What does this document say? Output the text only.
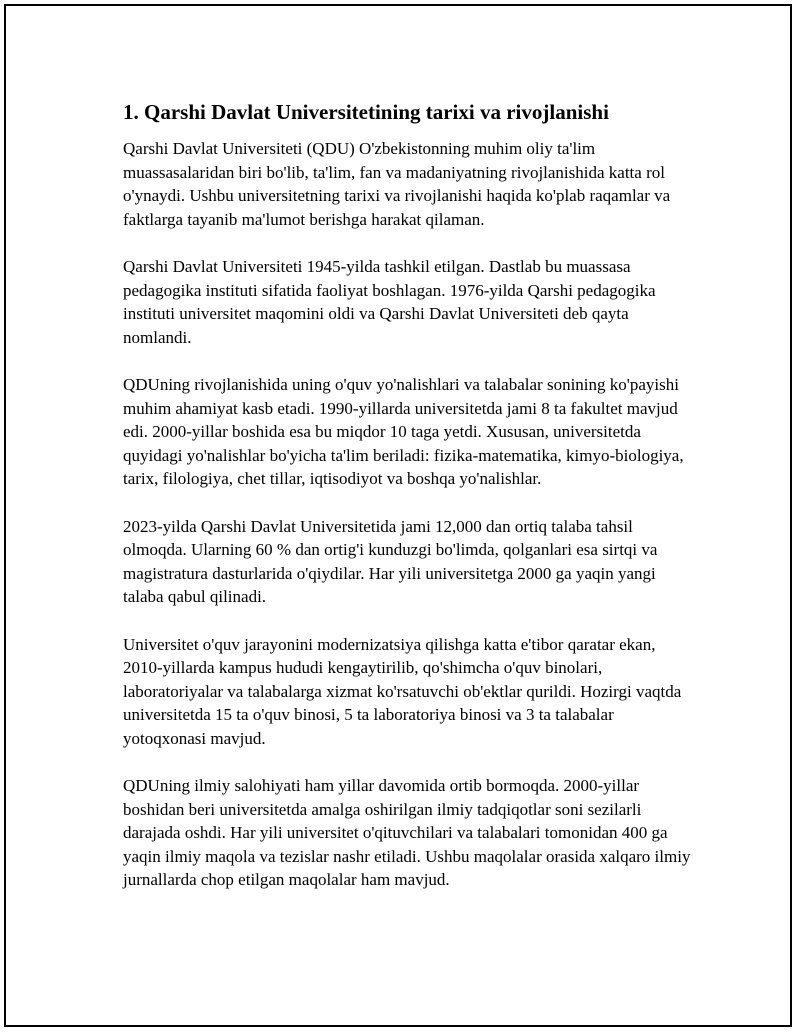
1. Qarshi Davlat Universitetining tarixi va rivojlanishi

Qarshi Davlat Universiteti (QDU) O'zbekistonning muhim oliy ta'lim muassasalaridan biri bo'lib, ta'lim, fan va madaniyatning rivojlanishida katta rol o'ynaydi. Ushbu universitetning tarixi va rivojlanishi haqida ko'plab raqamlar va faktlarga tayanib ma'lumot berishga harakat qilaman.

Qarshi Davlat Universiteti 1945-yilda tashkil etilgan. Dastlab bu muassasa pedagogika instituti sifatida faoliyat boshlagan. 1976-yilda Qarshi pedagogika instituti universitet maqomini oldi va Qarshi Davlat Universiteti deb qayta nomlandi.

QDUning rivojlanishida uning o'quv yo'nalishlari va talabalar sonining ko'payishi muhim ahamiyat kasb etadi. 1990-yillarda universitetda jami 8 ta fakultet mavjud edi. 2000-yillar boshida esa bu miqdor 10 taga yetdi. Xususan, universitetda quyidagi yo'nalishlar bo'yicha ta'lim beriladi: fizika-matematika, kimyo-biologiya, tarix, filologiya, chet tillar, iqtisodiyot va boshqa yo'nalishlar.

2023-yilda Qarshi Davlat Universitetida jami 12,000 dan ortiq talaba tahsil olmoqda. Ularning 60 % dan ortig'i kunduzgi bo'limda, qolganlari esa sirtqi va magistratura dasturlarida o'qiydilar. Har yili universitetga 2000 ga yaqin yangi talaba qabul qilinadi.

Universitet o'quv jarayonini modernizatsiya qilishga katta e'tibor qaratar ekan, 2010-yillarda kampus hududi kengaytirilib, qo'shimcha o'quv binolari, laboratoriyalar va talabalarga xizmat ko'rsatuvchi ob'ektlar qurildi. Hozirgi vaqtda universitetda 15 ta o'quv binosi, 5 ta laboratoriya binosi va 3 ta talabalar yotoqxonasi mavjud.

QDUning ilmiy salohiyati ham yillar davomida ortib bormoqda. 2000-yillar boshidan beri universitetda amalga oshirilgan ilmiy tadqiqotlar soni sezilarli darajada oshdi. Har yili universitet o'qituvchilari va talabalari tomonidan 400 ga yaqin ilmiy maqola va tezislar nashr etiladi. Ushbu maqolalar orasida xalqaro ilmiy jurnallarda chop etilgan maqolalar ham mavjud.
